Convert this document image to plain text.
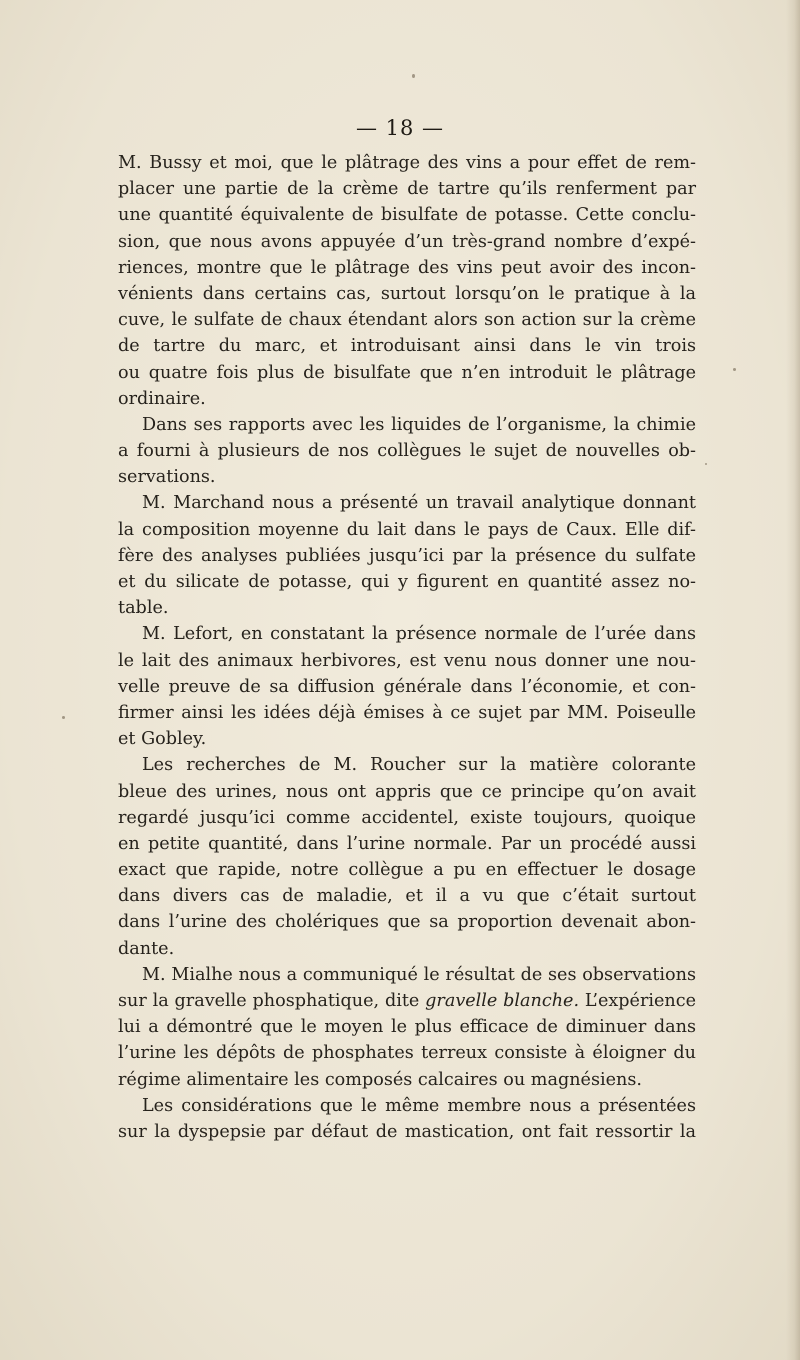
— 18 —
M. Bussy et moi, que le plâtrage des vins a pour effet de rem-
placer une partie de la crème de tartre qu’ils renferment par
une quantité équivalente de bisulfate de potasse. Cette conclu-
sion, que nous avons appuyée d’un très-grand nombre d’expé-
riences, montre que le plâtrage des vins peut avoir des incon-
vénients dans certains cas, surtout lorsqu’on le pratique à la
cuve, le sulfate de chaux étendant alors son action sur la crème
de tartre du marc, et introduisant ainsi dans le vin trois
ou quatre fois plus de bisulfate que n’en introduit le plâtrage
ordinaire.
Dans ses rapports avec les liquides de l’organisme, la chimie
a fourni à plusieurs de nos collègues le sujet de nouvelles ob-
servations.
M. Marchand nous a présenté un travail analytique donnant
la composition moyenne du lait dans le pays de Caux. Elle dif-
fère des analyses publiées jusqu’ici par la présence du sulfate
et du silicate de potasse, qui y figurent en quantité assez no-
table.
M. Lefort, en constatant la présence normale de l’urée dans
le lait des animaux herbivores, est venu nous donner une nou-
velle preuve de sa diffusion générale dans l’économie, et con-
firmer ainsi les idées déjà émises à ce sujet par MM. Poiseulle
et Gobley.
Les recherches de M. Roucher sur la matière colorante
bleue des urines, nous ont appris que ce principe qu’on avait
regardé jusqu’ici comme accidentel, existe toujours, quoique
en petite quantité, dans l’urine normale. Par un procédé aussi
exact que rapide, notre collègue a pu en effectuer le dosage
dans divers cas de maladie, et il a vu que c’était surtout
dans l’urine des cholériques que sa proportion devenait abon-
dante.
M. Mialhe nous a communiqué le résultat de ses observations
sur la gravelle phosphatique, dite gravelle blanche. L’expérience
lui a démontré que le moyen le plus efficace de diminuer dans
l’urine les dépôts de phosphates terreux consiste à éloigner du
régime alimentaire les composés calcaires ou magnésiens.
Les considérations que le même membre nous a présentées
sur la dyspepsie par défaut de mastication, ont fait ressortir la
